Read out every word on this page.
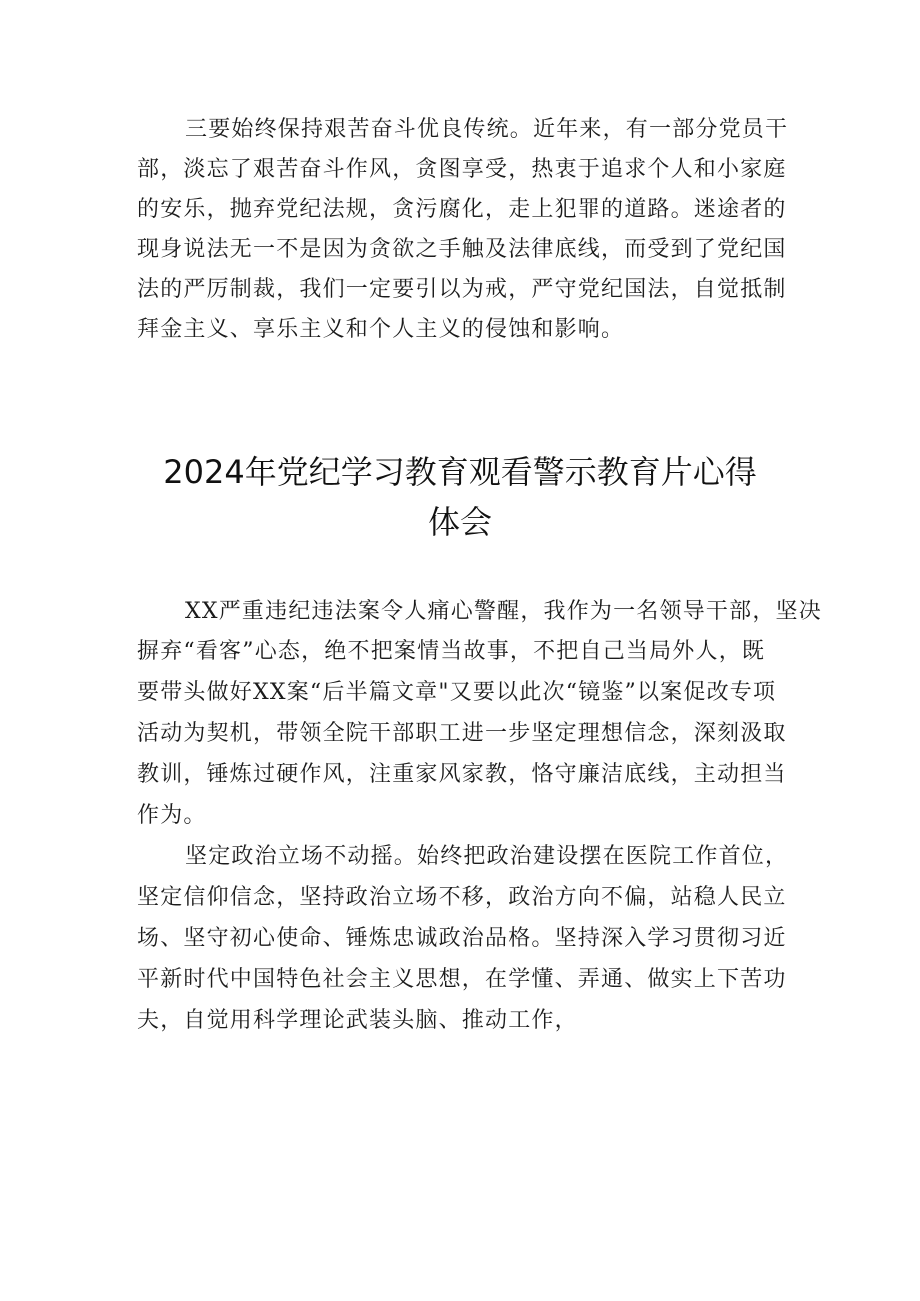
三要始终保持艰苦奋斗优良传统。近年来，有一部分党员干
部，淡忘了艰苦奋斗作风，贪图享受，热衷于追求个人和小家庭
的安乐，抛弃党纪法规，贪污腐化，走上犯罪的道路。迷途者的
现身说法无一不是因为贪欲之手触及法律底线，而受到了党纪国
法的严厉制裁，我们一定要引以为戒，严守党纪国法，自觉抵制
拜金主义、享乐主义和个人主义的侵蚀和影响。
2024年党纪学习教育观看警示教育片心得
体会
XX严重违纪违法案令人痛心警醒，我作为一名领导干部，坚决
摒弃“看客”心态，绝不把案情当故事，不把自己当局外人，既
要带头做好XX案“后半篇文章"又要以此次“镜鉴”以案促改专项
活动为契机，带领全院干部职工进一步坚定理想信念，深刻汲取
教训，锤炼过硬作风，注重家风家教，恪守廉洁底线，主动担当
作为。
坚定政治立场不动摇。始终把政治建设摆在医院工作首位，
坚定信仰信念，坚持政治立场不移，政治方向不偏，站稳人民立
场、坚守初心使命、锤炼忠诚政治品格。坚持深入学习贯彻习近
平新时代中国特色社会主义思想，在学懂、弄通、做实上下苦功
夫，自觉用科学理论武装头脑、推动工作，
